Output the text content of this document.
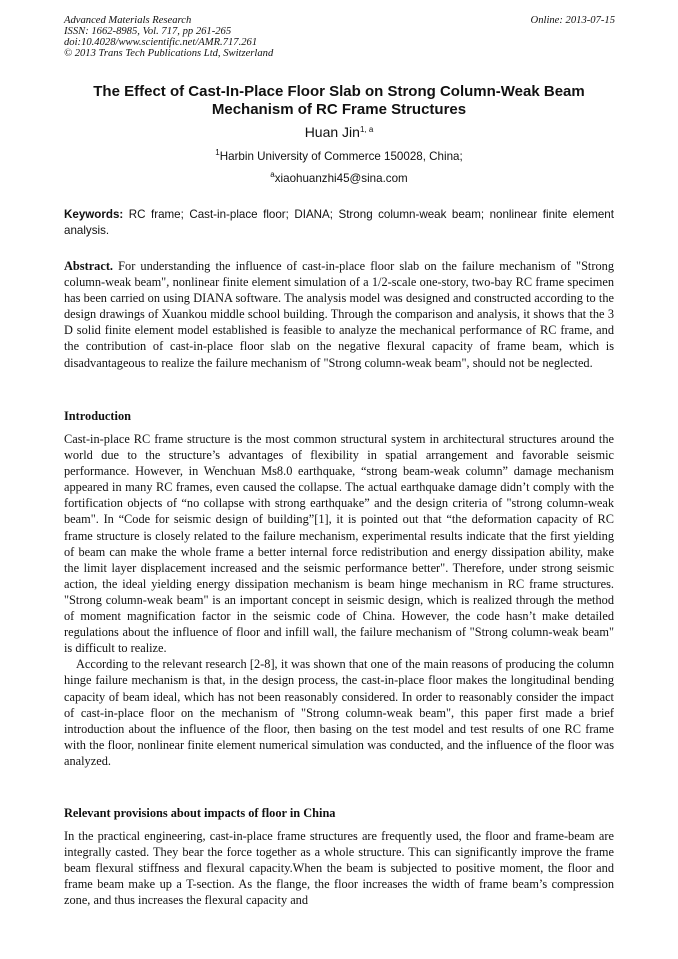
Advanced Materials Research
ISSN: 1662-8985, Vol. 717, pp 261-265
doi:10.4028/www.scientific.net/AMR.717.261
© 2013 Trans Tech Publications Ltd, Switzerland
Online: 2013-07-15
The Effect of Cast-In-Place Floor Slab on Strong Column-Weak Beam Mechanism of RC Frame Structures
Huan Jin$^{1, a}$
$^1$Harbin University of Commerce 150028, China;
$^a$xiaohuanzhi45@sina.com
Keywords: RC frame; Cast-in-place floor; DIANA; Strong column-weak beam; nonlinear finite element analysis.
Abstract. For understanding the influence of cast-in-place floor slab on the failure mechanism of "Strong column-weak beam", nonlinear finite element simulation of a 1/2-scale one-story, two-bay RC frame specimen has been carried on using DIANA software. The analysis model was designed and constructed according to the design drawings of Xuankou middle school building. Through the comparison and analysis, it shows that the 3 D solid finite element model established is feasible to analyze the mechanical performance of RC frame, and the contribution of cast-in-place floor slab on the negative flexural capacity of frame beam, which is disadvantageous to realize the failure mechanism of "Strong column-weak beam", should not be neglected.
Introduction

Cast-in-place RC frame structure is the most common structural system in architectural structures around the world due to the structure’s advantages of flexibility in spatial arrangement and favorable seismic performance. However, in Wenchuan Ms8.0 earthquake, “strong beam-weak column” damage mechanism appeared in many RC frames, even caused the collapse. The actual earthquake damage didn’t comply with the fortification objects of “no collapse with strong earthquake” and the design criteria of "strong column-weak beam". In “Code for seismic design of building”[1], it is pointed out that “the deformation capacity of RC frame structure is closely related to the failure mechanism, experimental results indicate that the first yielding of beam can make the whole frame a better internal force redistribution and energy dissipation ability, make the limit layer displacement increased and the seismic performance better". Therefore, under strong seismic action, the ideal yielding energy dissipation mechanism is beam hinge mechanism in RC frame structures. "Strong column-weak beam" is an important concept in seismic design, which is realized through the method of moment magnification factor in the seismic code of China. However, the code hasn’t make detailed regulations about the influence of floor and infill wall, the failure mechanism of "Strong column-weak beam" is difficult to realize.

According to the relevant research [2-8], it was shown that one of the main reasons of producing the column hinge failure mechanism is that, in the design process, the cast-in-place floor makes the longitudinal bending capacity of beam ideal, which has not been reasonably considered. In order to reasonably consider the impact of cast-in-place floor on the mechanism of "Strong column-weak beam", this paper first made a brief introduction about the influence of the floor, then basing on the test model and test results of one RC frame with the floor, nonlinear finite element numerical simulation was conducted, and the influence of the floor was analyzed.

Relevant provisions about impacts of floor in China
In the practical engineering, cast-in-place frame structures are frequently used, the floor and frame-beam are integrally casted. They bear the force together as a whole structure. This can significantly improve the frame beam flexural stiffness and flexural capacity.When the beam is subjected to positive moment, the floor and frame beam make up a T-section. As the flange, the floor increases the width of frame beam’s compression zone, and thus increases the flexural capacity and
